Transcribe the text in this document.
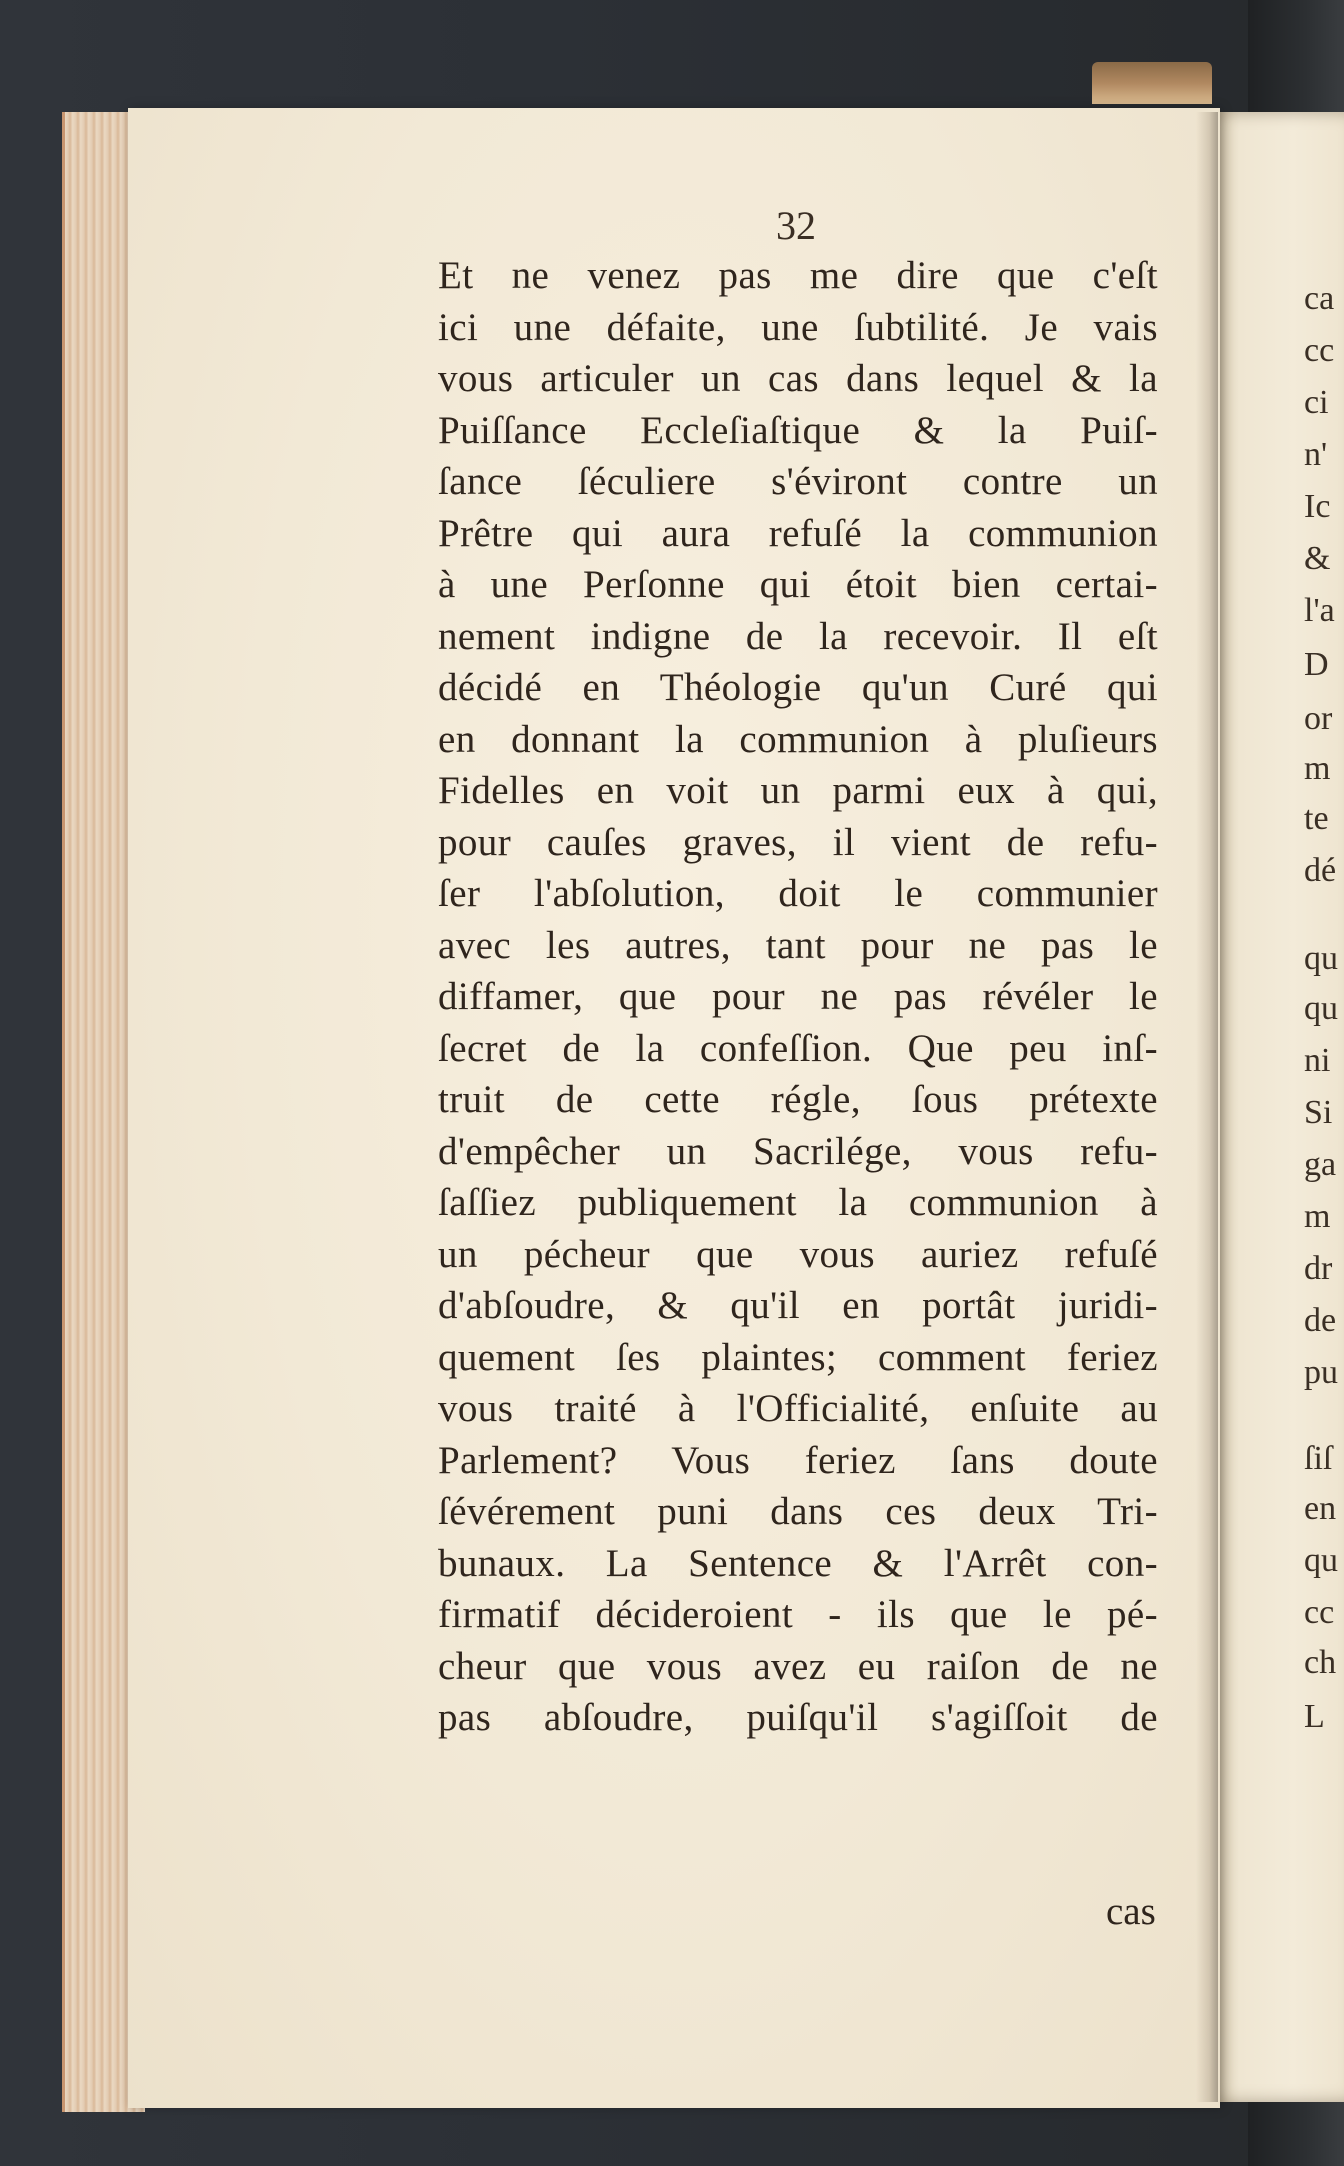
ca
cc
ci
n'
Ic
&
l'a
D
or
m
te
dé
qu
qu
ni
Si
ga
m
dr
de
pu
ſiſ
en
qu
cc
ch
L
32
Et ne venez pas me dire que c'eſt
ici une défaite, une ſubtilité. Je vais
vous articuler un cas dans lequel & la
Puiſſance Eccleſiaſtique & la Puiſ-
ſance ſéculiere s'éviront contre un
Prêtre qui aura refuſé la communion
à une Perſonne qui étoit bien certai-
nement indigne de la recevoir. Il eſt
décidé en Théologie qu'un Curé qui
en donnant la communion à pluſieurs
Fidelles en voit un parmi eux à qui,
pour cauſes graves, il vient de refu-
ſer l'abſolution, doit le communier
avec les autres, tant pour ne pas le
diffamer, que pour ne pas révéler le
ſecret de la confeſſion. Que peu inſ-
truit de cette régle, ſous prétexte
d'empêcher un Sacrilége, vous refu-
ſaſſiez publiquement la communion à
un pécheur que vous auriez refuſé
d'abſoudre, & qu'il en portât juridi-
quement ſes plaintes; comment feriez
vous traité à l'Officialité, enſuite au
Parlement? Vous feriez ſans doute
ſévérement puni dans ces deux Tri-
bunaux. La Sentence & l'Arrêt con-
firmatif décideroient - ils que le pé-
cheur que vous avez eu raiſon de ne
pas abſoudre, puiſqu'il s'agiſſoit de
cas
